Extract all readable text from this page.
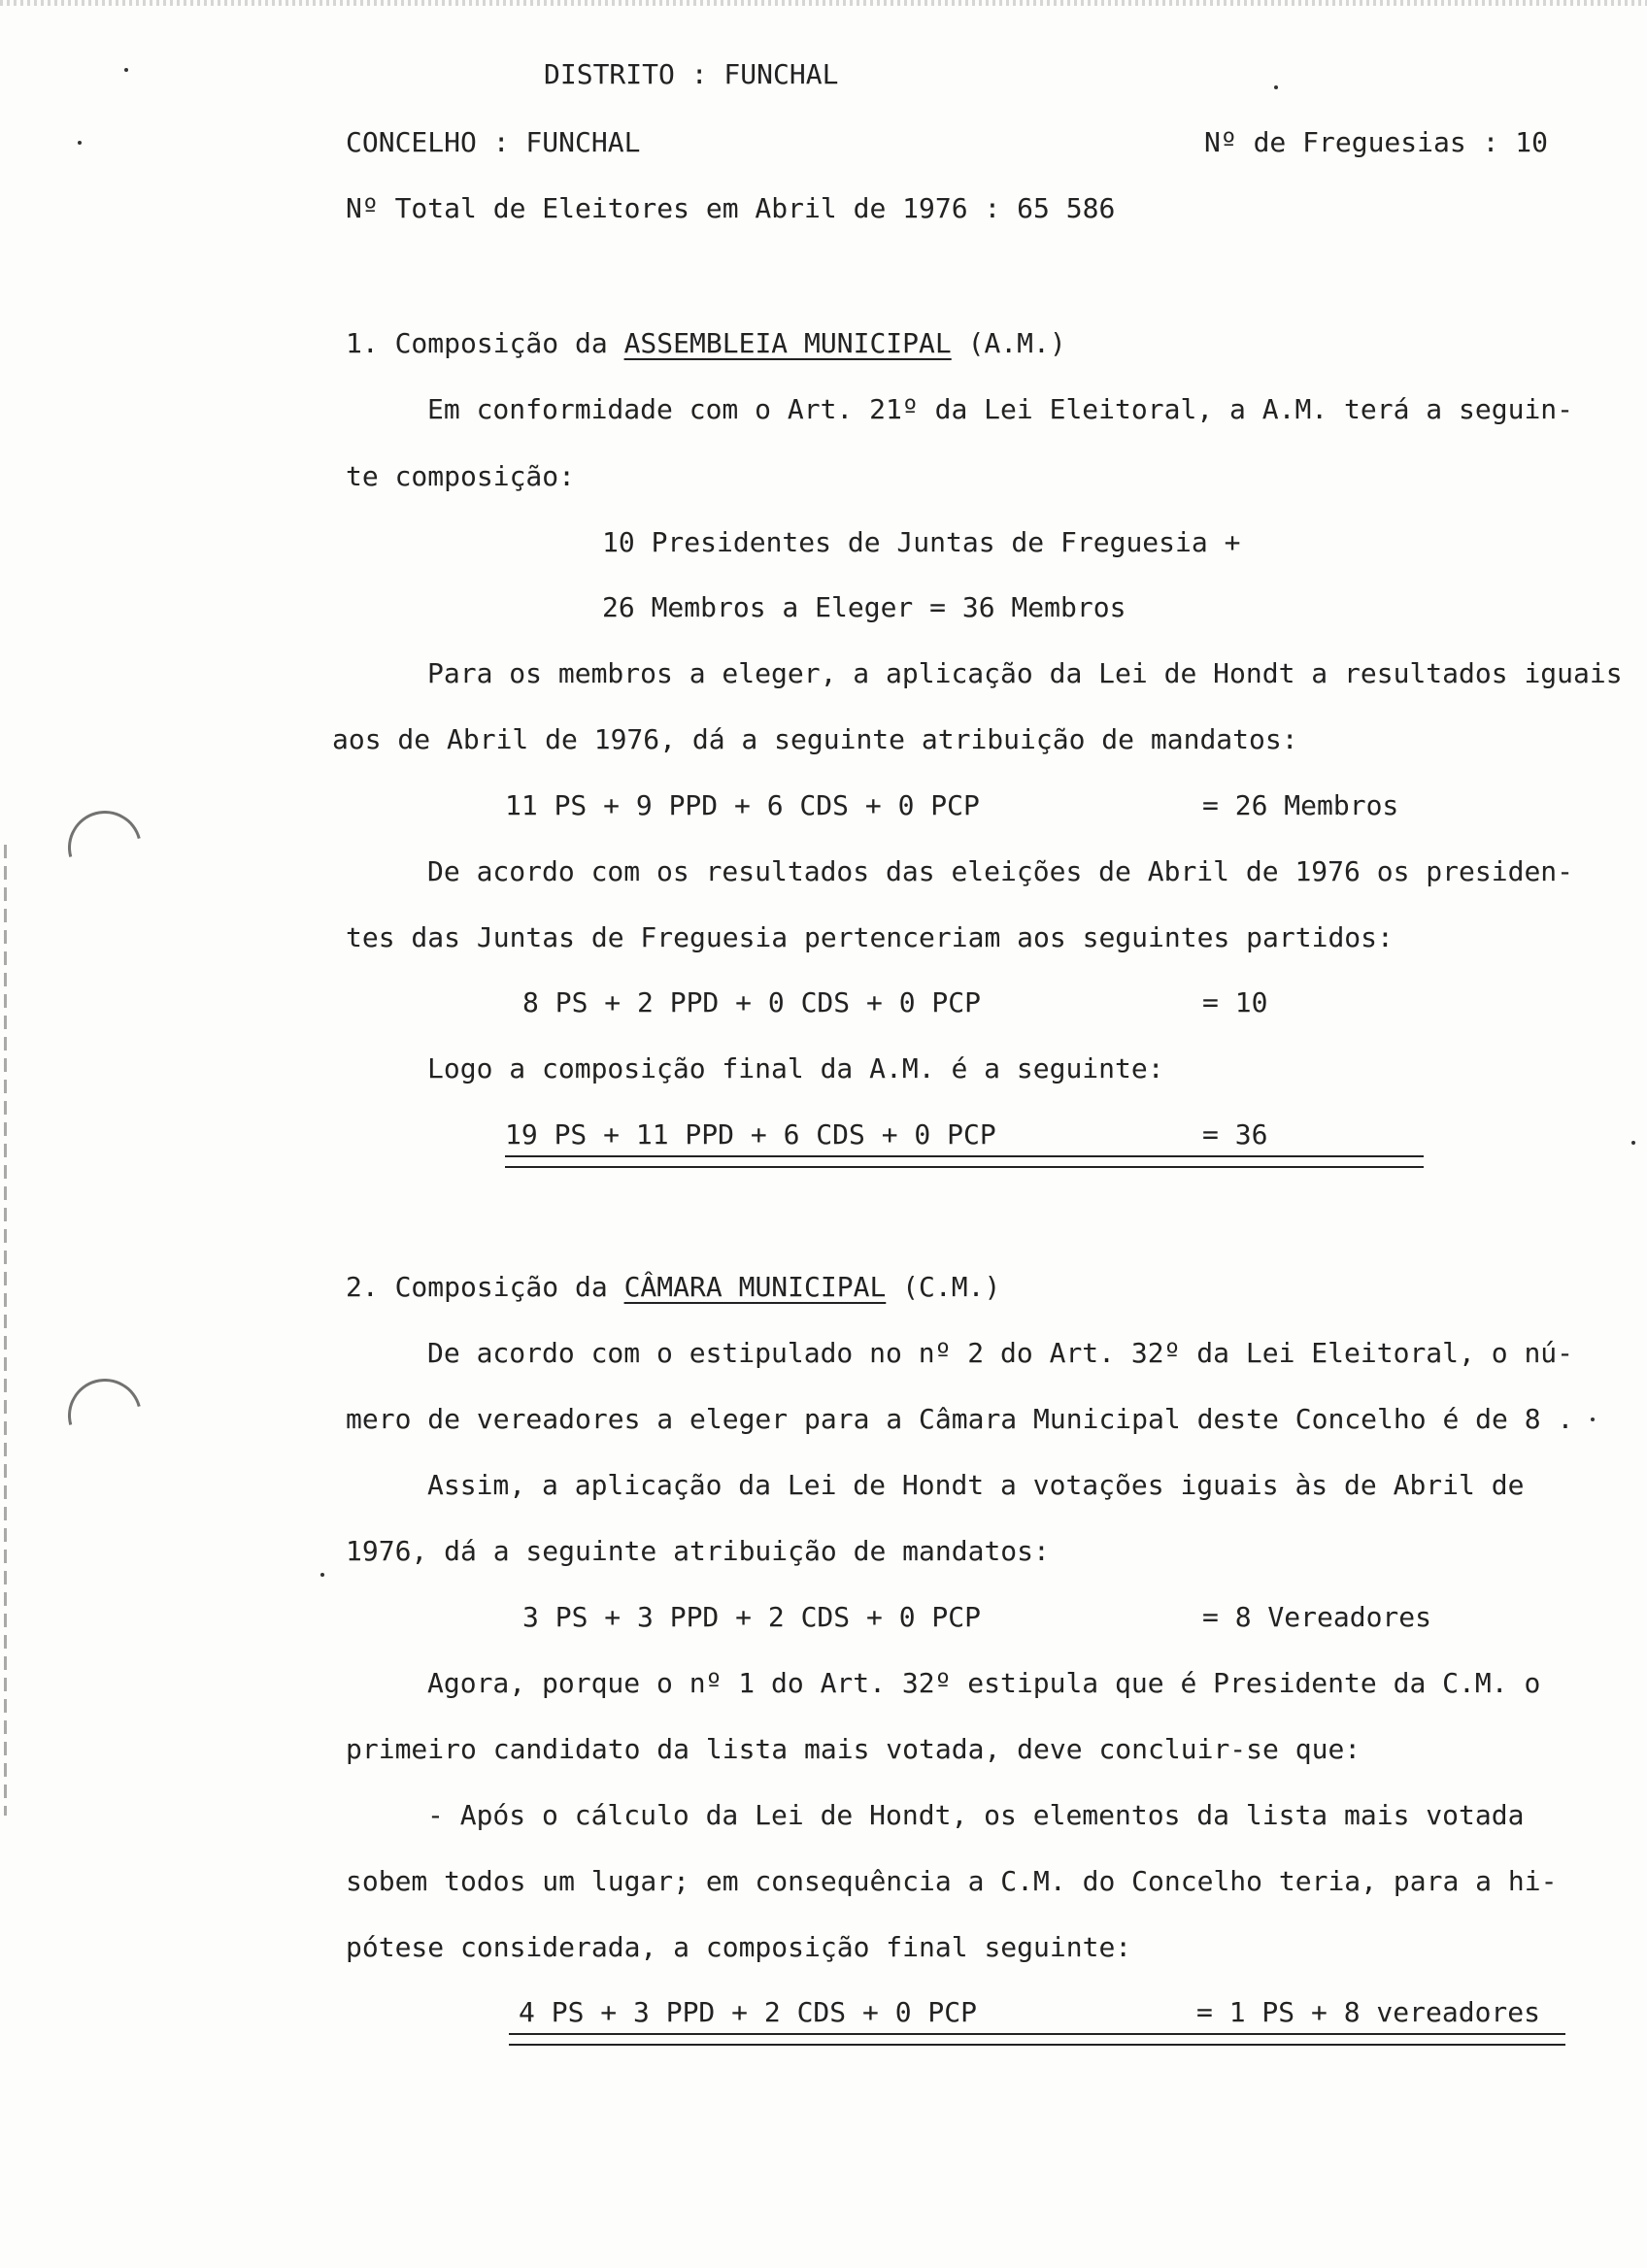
DISTRITO : FUNCHAL
CONCELHO : FUNCHAL	Nº de Freguesias : 10
Nº Total de Eleitores em Abril de 1976 : 65 586
1. Composição da ASSEMBLEIA MUNICIPAL (A.M.)
Em conformidade com o Art. 21º da Lei Eleitoral, a A.M. terá a seguin-
te composição:
10 Presidentes de Juntas de Freguesia +
26 Membros a Eleger = 36 Membros
Para os membros a eleger, a aplicação da Lei de Hondt a resultados iguais
aos de Abril de 1976, dá a seguinte atribuição de mandatos:
11 PS + 9 PPD + 6 CDS + 0 PCP	= 26 Membros
De acordo com os resultados das eleições de Abril de 1976 os presiden-
tes das Juntas de Freguesia pertenceriam aos seguintes partidos:
8 PS + 2 PPD + 0 CDS + 0 PCP	= 10
Logo a composição final da A.M. é a seguinte:
19 PS + 11 PPD + 6 CDS + 0 PCP	= 36
2. Composição da CÂMARA MUNICIPAL (C.M.)
De acordo com o estipulado no nº 2 do Art. 32º da Lei Eleitoral, o nú-
mero de vereadores a eleger para a Câmara Municipal deste Concelho é de 8 .
Assim, a aplicação da Lei de Hondt a votações iguais às de Abril de
1976, dá a seguinte atribuição de mandatos:
3 PS + 3 PPD + 2 CDS + 0 PCP	= 8 Vereadores
Agora, porque o nº 1 do Art. 32º estipula que é Presidente da C.M. o
primeiro candidato da lista mais votada, deve concluir-se que:
- Após o cálculo da Lei de Hondt, os elementos da lista mais votada
sobem todos um lugar; em consequência a C.M. do Concelho teria, para a hi-
pótese considerada, a composição final seguinte:
4 PS + 3 PPD + 2 CDS + 0 PCP	= 1 PS + 8 vereadores
